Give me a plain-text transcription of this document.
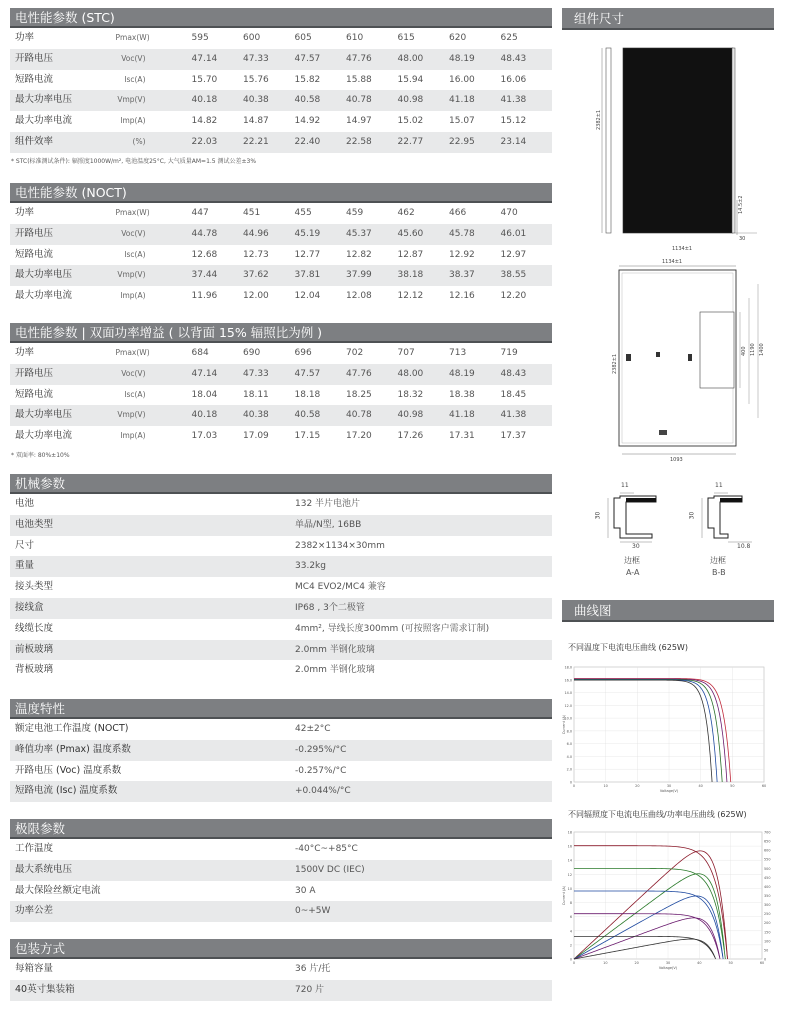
电性能参数 (STC)
功率	Pmax(W)	595	600	605	610	615	620	625
开路电压	Voc(V)	47.14	47.33	47.57	47.76	48.00	48.19	48.43
短路电流	Isc(A)	15.70	15.76	15.82	15.88	15.94	16.00	16.06
最大功率电压	Vmp(V)	40.18	40.38	40.58	40.78	40.98	41.18	41.38
最大功率电流	Imp(A)	14.82	14.87	14.92	14.97	15.02	15.07	15.12
组件效率	(%)	22.03	22.21	22.40	22.58	22.77	22.95	23.14
* STC(标准测试条件): 辐照度1000W/m², 电池温度25°C, 大气质量AM=1.5 测试公差±3%
电性能参数 (NOCT)
功率	Pmax(W)	447	451	455	459	462	466	470
开路电压	Voc(V)	44.78	44.96	45.19	45.37	45.60	45.78	46.01
短路电流	Isc(A)	12.68	12.73	12.77	12.82	12.87	12.92	12.97
最大功率电压	Vmp(V)	37.44	37.62	37.81	37.99	38.18	38.37	38.55
最大功率电流	Imp(A)	11.96	12.00	12.04	12.08	12.12	12.16	12.20
电性能参数 | 双面功率增益 ( 以背面 15% 辐照比为例 )
功率	Pmax(W)	684	690	696	702	707	713	719
开路电压	Voc(V)	47.14	47.33	47.57	47.76	48.00	48.19	48.43
短路电流	Isc(A)	18.04	18.11	18.18	18.25	18.32	18.38	18.45
最大功率电压	Vmp(V)	40.18	40.38	40.58	40.78	40.98	41.18	41.38
最大功率电流	Imp(A)	17.03	17.09	17.15	17.20	17.26	17.31	17.37
* 双面率: 80%±10%
机械参数
电池	132 半片电池片
电池类型	单晶/N型, 16BB
尺寸	2382×1134×30mm
重量	33.2kg
接头类型	MC4 EVO2/MC4 兼容
接线盒	IP68 , 3个二极管
线缆长度	4mm², 导线长度300mm (可按照客户需求订制)
前板玻璃	2.0mm 半钢化玻璃
背板玻璃	2.0mm 半钢化玻璃
温度特性
额定电池工作温度 (NOCT)	42±2°C
峰值功率 (Pmax) 温度系数	-0.295%/°C
开路电压 (Voc) 温度系数	-0.257%/°C
短路电流 (Isc) 温度系数	+0.044%/°C
极限参数
工作温度	-40°C~+85°C
最大系统电压	1500V DC (IEC)
最大保险丝额定电流	30 A
功率公差	0~+5W
包装方式
每箱容量	36 片/托
40英寸集装箱	720 片
组件尺寸
2382±1
1134±1
14.5±2
30
1134±1
2382±1
400 1190 1400
1093
11
30
30
11
30
10.8
边框
A-A
边框
B-B
曲线图
不同温度下电流电压曲线 (625W)
0
2.0
4.0
6.0
8.0
10.0
12.0
14.0
16.0
18.0
0	10	20	30	40	50	60
Voltage(V)
Current (A)
不同辐照度下电流电压曲线/功率电压曲线 (625W)
0
2
4
6
8
10
12
14
16
18
0	10	20	30	40	50	60
0
50
100
150
200
250
300
350
400
450
500
550
600
650
700
Voltage(V)
Current (A)
